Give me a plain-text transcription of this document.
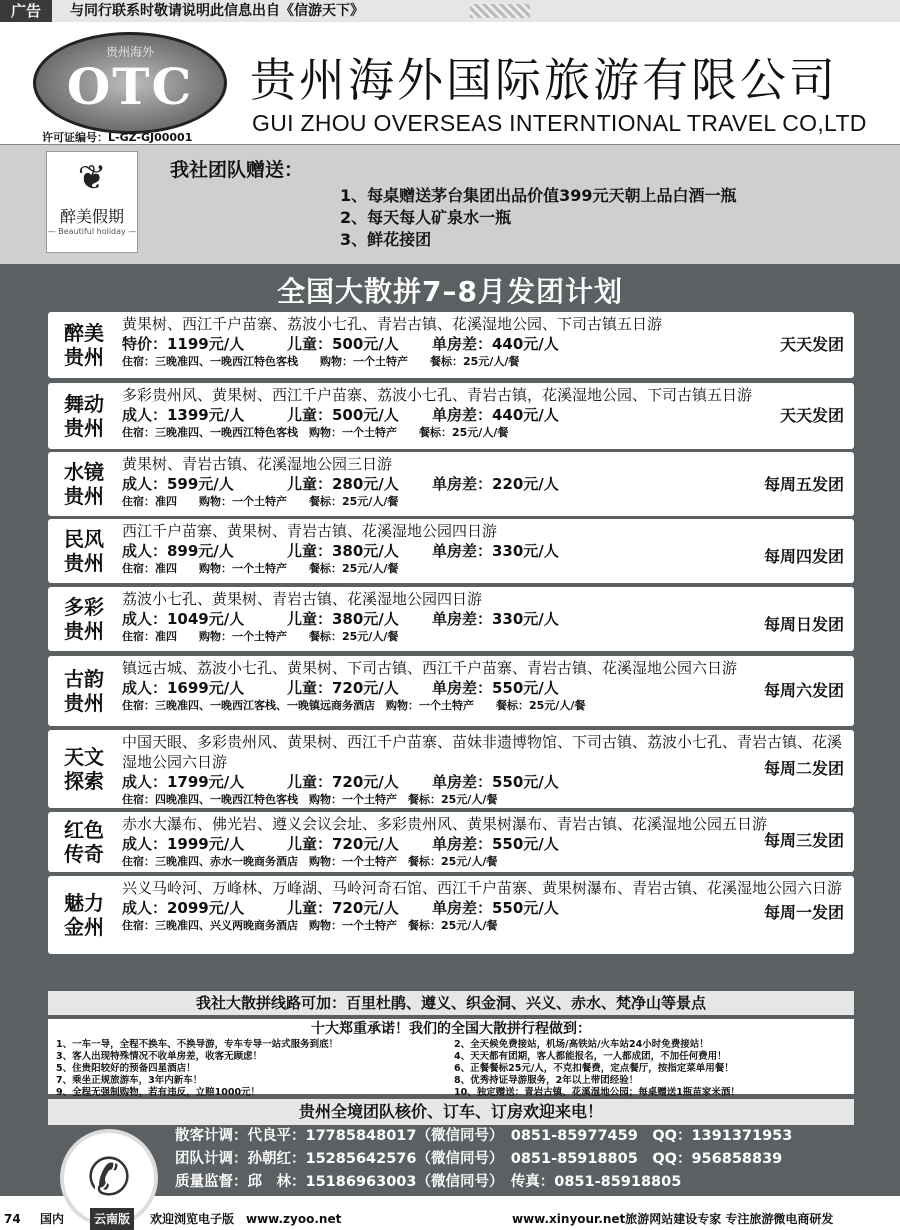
广告	与同行联系时敬请说明此信息出自《信游天下》
贵州海外
OTC
许可证编号：L-GZ-GJ00001
贵州海外国际旅游有限公司
GUI ZHOU OVERSEAS INTERNTIONAL TRAVEL CO,LTD
❦
醉美假期
— Beautiful holiday —
我社团队赠送：
1、每桌赠送茅台集团出品价值399元天朝上品白酒一瓶
2、每天每人矿泉水一瓶
3、鲜花接团
全国大散拼7–8月发团计划
醉美
贵州
黄果树、西江千户苗寨、荔波小七孔、青岩古镇、花溪湿地公园、下司古镇五日游
特价：1199元/人	儿童：500元/人 单房差：440元/人
住宿：三晚准四、一晚西江特色客栈　　购物：一个土特产　　餐标：25元/人/餐
天天发团
舞动
贵州
多彩贵州风、黄果树、西江千户苗寨、荔波小七孔、青岩古镇，花溪湿地公园、下司古镇五日游
成人：1399元/人	儿童：500元/人 单房差：440元/人
住宿：三晚准四、一晚西江特色客栈　购物：一个土特产　　餐标：25元/人/餐
天天发团
水镜
贵州
黄果树、青岩古镇、花溪湿地公园三日游
成人：599元/人	儿童：280元/人 单房差：220元/人
住宿：准四　　购物：一个土特产　　餐标：25元/人/餐
每周五发团
民风
贵州
西江千户苗寨、黄果树、青岩古镇、花溪湿地公园四日游
成人：899元/人	儿童：380元/人 单房差：330元/人
住宿：准四　　购物：一个土特产　　餐标：25元/人/餐
每周四发团
多彩
贵州
荔波小七孔、黄果树、青岩古镇、花溪湿地公园四日游
成人：1049元/人	儿童：380元/人 单房差：330元/人
住宿：准四　　购物：一个土特产　　餐标：25元/人/餐
每周日发团
古韵
贵州
镇远古城、荔波小七孔、黄果树、下司古镇、西江千户苗寨、青岩古镇、花溪湿地公园六日游
成人：1699元/人	儿童：720元/人 单房差：550元/人
住宿：三晚准四、一晚西江客栈、一晚镇远商务酒店　购物：一个土特产　　餐标：25元/人/餐
每周六发团
天文
探索
中国天眼、多彩贵州风、黄果树、西江千户苗寨、苗妹非遗博物馆、下司古镇、荔波小七孔、青岩古镇、花溪湿地公园六日游
成人：1799元/人	儿童：720元/人 单房差：550元/人
住宿：四晚准四、一晚西江特色客栈　购物：一个土特产　餐标：25元/人/餐
每周二发团
红色
传奇
赤水大瀑布、佛光岩、遵义会议会址、多彩贵州风、黄果树瀑布、青岩古镇、花溪湿地公园五日游
成人：1999元/人	儿童：720元/人 单房差：550元/人
住宿：三晚准四、赤水一晚商务酒店　购物：一个土特产　餐标：25元/人/餐
每周三发团
魅力
金州
兴义马岭河、万峰林、万峰湖、马岭河奇石馆、西江千户苗寨、黄果树瀑布、青岩古镇、花溪湿地公园六日游
成人：2099元/人	儿童：720元/人 单房差：550元/人
住宿：三晚准四、兴义两晚商务酒店　购物：一个土特产　餐标：25元/人/餐
每周一发团
我社大散拼线路可加：百里杜鹃、遵义、织金洞、兴义、赤水、梵净山等景点
十大郑重承诺！我们的全国大散拼行程做到：
1、一车一导，全程不换车、不换导游，专车专导一站式服务到底！
3、客人出现特殊情况不收单房差，收客无顾虑！
5、住贵阳较好的预备四星酒店！
7、乘坐正规旅游车，3年内新车！
9、全程无强制购物，若有违反，立赔1000元！
2、全天候免费接站，机场/高铁站/火车站24小时免费接站！
4、天天都有团期，客人都能报名，一人都成团，不加任何费用！
6、正餐餐标25元/人，不克扣餐费，定点餐厅，按指定菜单用餐！
8、优秀持证导游服务，2年以上带团经验！
10、独定赠送：青岩古镇、花溪湿地公园；每桌赠送1瓶苗家米酒！
贵州全境团队核价、订车、订房欢迎来电！
✆
散客计调：代良平：17785848017（微信同号）　0851-85977459　QQ：1391371953
团队计调：孙朝红：15285642576（微信同号）　0851-85918805　QQ：956858839
质量监督：邱　林：15186963003（微信同号）　传真：0851-85918805
地址：贵州省贵阳市云岩区枣山路雄骏国际大厦16楼10号
74 国内	云南版	欢迎浏览电子版　www.zyoo.net	www.xinyour.net旅游网站建设专家 专注旅游微电商研发
